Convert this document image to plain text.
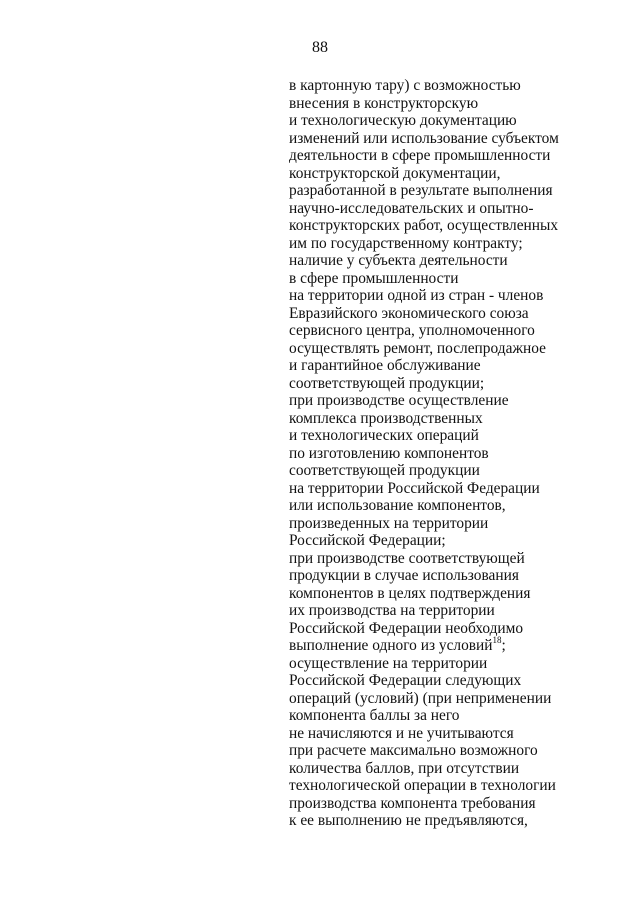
88
в картонную тару) с возможностью
внесения в конструкторскую
и технологическую документацию
изменений или использование субъектом
деятельности в сфере промышленности
конструкторской документации,
разработанной в результате выполнения
научно-исследовательских и опытно-
конструкторских работ, осуществленных
им по государственному контракту;
наличие у субъекта деятельности
в сфере промышленности
на территории одной из стран - членов
Евразийского экономического союза
сервисного центра, уполномоченного
осуществлять ремонт, послепродажное
и гарантийное обслуживание
соответствующей продукции;
при производстве осуществление
комплекса производственных
и технологических операций
по изготовлению компонентов
соответствующей продукции
на территории Российской Федерации
или использование компонентов,
произведенных на территории
Российской Федерации;
при производстве соответствующей
продукции в случае использования
компонентов в целях подтверждения
их производства на территории
Российской Федерации необходимо
выполнение одного из условий$^{18}$;
осуществление на территории
Российской Федерации следующих
операций (условий) (при неприменении
компонента баллы за него
не начисляются и не учитываются
при расчете максимально возможного
количества баллов, при отсутствии
технологической операции в технологии
производства компонента требования
к ее выполнению не предъявляются,
